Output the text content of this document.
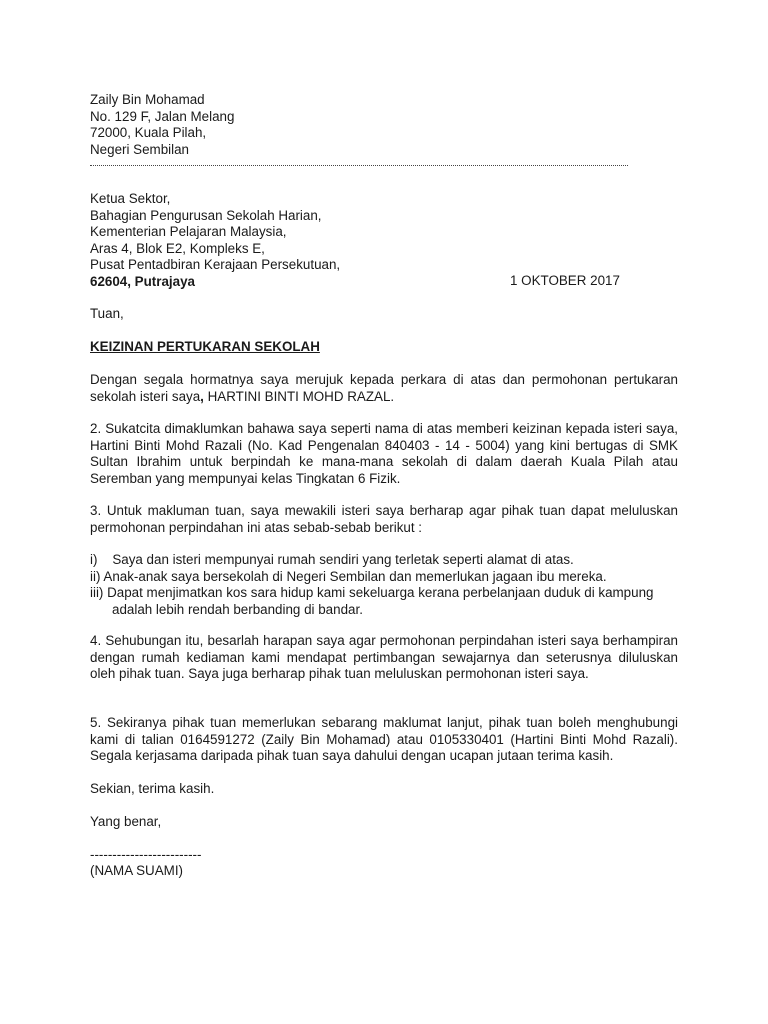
Zaily Bin Mohamad
No. 129 F, Jalan Melang
72000, Kuala Pilah,
Negeri Sembilan
Ketua Sektor,
Bahagian Pengurusan Sekolah Harian,
Kementerian Pelajaran Malaysia,
Aras 4, Blok E2, Kompleks E,
Pusat Pentadbiran Kerajaan Persekutuan,
62604, Putrajaya	1 OKTOBER 2017
Tuan,
KEIZINAN PERTUKARAN SEKOLAH
Dengan segala hormatnya saya merujuk kepada perkara di atas dan permohonan pertukaran sekolah isteri saya, HARTINI BINTI MOHD RAZAL.
2. Sukatcita dimaklumkan bahawa saya seperti nama di atas memberi keizinan kepada isteri saya, Hartini Binti Mohd Razali (No. Kad Pengenalan 840403 - 14 - 5004) yang kini bertugas di SMK Sultan Ibrahim untuk berpindah ke mana-mana sekolah di dalam daerah Kuala Pilah atau Seremban yang mempunyai kelas Tingkatan 6 Fizik.
3. Untuk makluman tuan, saya mewakili isteri saya berharap agar pihak tuan dapat meluluskan permohonan perpindahan ini atas sebab-sebab berikut :
i)    Saya dan isteri mempunyai rumah sendiri yang terletak seperti alamat di atas.
ii) Anak-anak saya bersekolah di Negeri Sembilan dan memerlukan jagaan ibu mereka.
iii) Dapat menjimatkan kos sara hidup kami sekeluarga kerana perbelanjaan duduk di kampung
adalah lebih rendah berbanding di bandar.
4. Sehubungan itu, besarlah harapan saya agar permohonan perpindahan isteri saya berhampiran dengan rumah kediaman kami mendapat pertimbangan sewajarnya dan seterusnya diluluskan oleh pihak tuan. Saya juga berharap pihak tuan meluluskan permohonan isteri saya.
5. Sekiranya pihak tuan memerlukan sebarang maklumat lanjut, pihak tuan boleh menghubungi kami di talian 0164591272 (Zaily Bin Mohamad) atau 0105330401 (Hartini Binti Mohd Razali). Segala kerjasama daripada pihak tuan saya dahului dengan ucapan jutaan terima kasih.
Sekian, terima kasih.
Yang benar,
-------------------------
(NAMA SUAMI)
